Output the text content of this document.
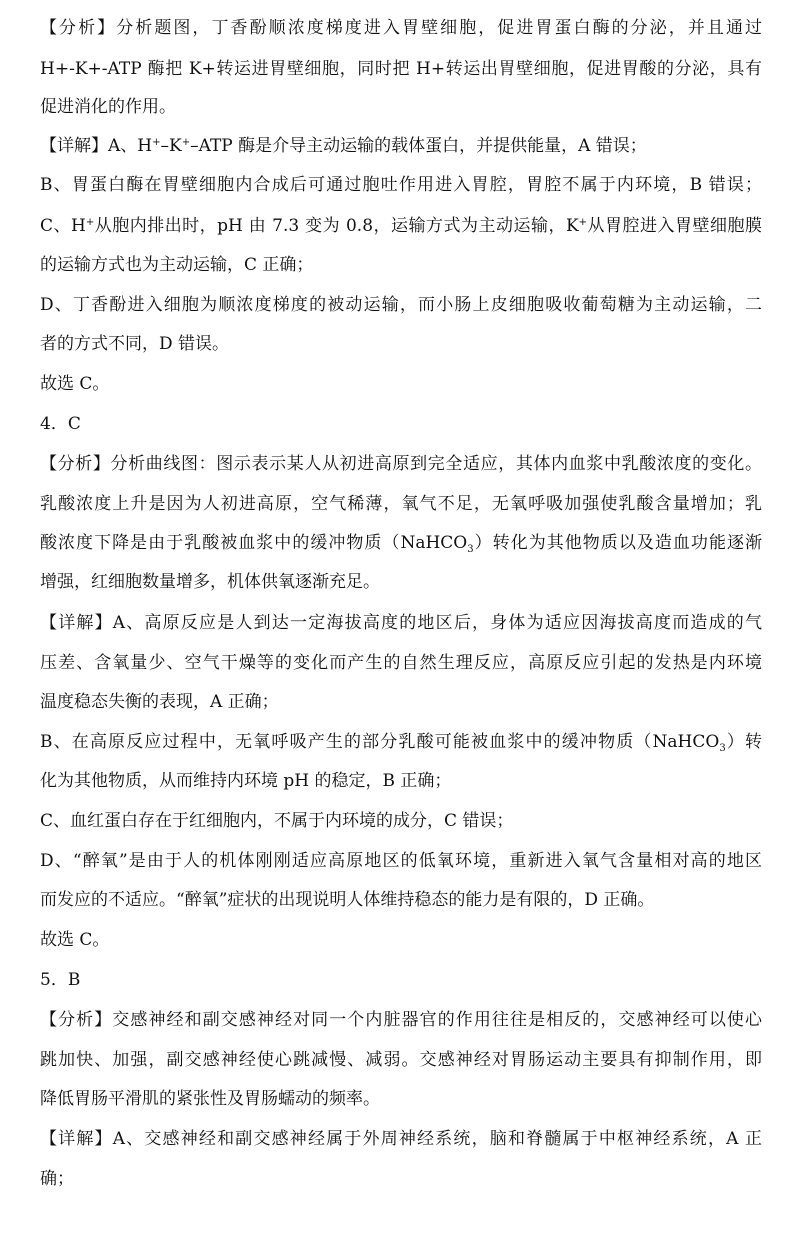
【分析】分析题图，丁香酚顺浓度梯度进入胃壁细胞，促进胃蛋白酶的分泌，并且通过
H+-K+-ATP 酶把 K+转运进胃壁细胞，同时把 H+转运出胃壁细胞，促进胃酸的分泌，具有
促进消化的作用。
【详解】A、H+–K+–ATP 酶是介导主动运输的载体蛋白，并提供能量，A 错误；
B、胃蛋白酶在胃壁细胞内合成后可通过胞吐作用进入胃腔，胃腔不属于内环境，B 错误；
C、H+从胞内排出时，pH 由 7.3 变为 0.8，运输方式为主动运输，K+从胃腔进入胃壁细胞膜
的运输方式也为主动运输，C 正确；
D、丁香酚进入细胞为顺浓度梯度的被动运输，而小肠上皮细胞吸收葡萄糖为主动运输，二
者的方式不同，D 错误。
故选 C。
4．C
【分析】分析曲线图：图示表示某人从初进高原到完全适应，其体内血浆中乳酸浓度的变化。
乳酸浓度上升是因为人初进高原，空气稀薄，氧气不足，无氧呼吸加强使乳酸含量增加；乳
酸浓度下降是由于乳酸被血浆中的缓冲物质（NaHCO$_3$）转化为其他物质以及造血功能逐渐
增强，红细胞数量增多，机体供氧逐渐充足。
【详解】A、高原反应是人到达一定海拔高度的地区后，身体为适应因海拔高度而造成的气
压差、含氧量少、空气干燥等的变化而产生的自然生理反应，高原反应引起的发热是内环境
温度稳态失衡的表现，A 正确；
B、在高原反应过程中，无氧呼吸产生的部分乳酸可能被血浆中的缓冲物质（NaHCO$_3$）转
化为其他物质，从而维持内环境 pH 的稳定，B 正确；
C、血红蛋白存在于红细胞内，不属于内环境的成分，C 错误；
D、“醉氧”是由于人的机体刚刚适应高原地区的低氧环境，重新进入氧气含量相对高的地区
而发应的不适应。“醉氧”症状的出现说明人体维持稳态的能力是有限的，D 正确。
故选 C。
5．B
【分析】交感神经和副交感神经对同一个内脏器官的作用往往是相反的，交感神经可以使心
跳加快、加强，副交感神经使心跳减慢、减弱。交感神经对胃肠运动主要具有抑制作用，即
降低胃肠平滑肌的紧张性及胃肠蠕动的频率。
【详解】A、交感神经和副交感神经属于外周神经系统，脑和脊髓属于中枢神经系统，A 正
确；
